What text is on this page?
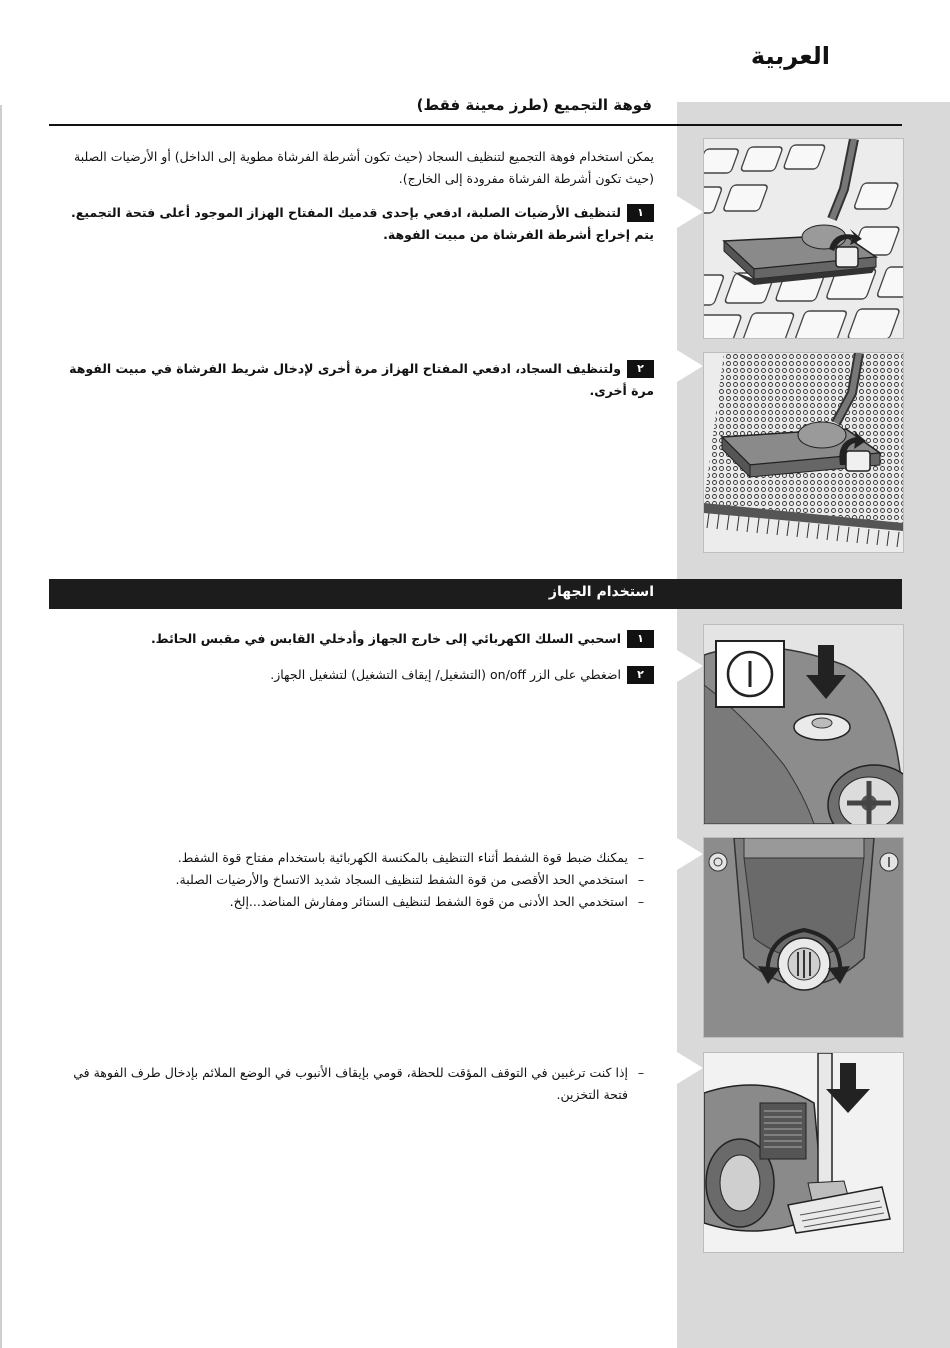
العربية
فوهة التجميع (طرز معينة فقط)

يمكن استخدام فوهة التجميع لتنظيف السجاد (حيث تكون أشرطة الفرشاة مطوية إلى الداخل) أو الأرضيات الصلبة (حيث تكون أشرطة الفرشاة مفرودة إلى الخارج).

١
لتنظيف الأرضيات الصلبة، ادفعي بإحدى قدميك المفتاح الهزاز الموجود أعلى فتحة التجميع. يتم إخراج أشرطة الفرشاة من مبيت الفوهة.
٢
ولتنظيف السجاد، ادفعي المفتاح الهزاز مرة أخرى لإدخال شريط الفرشاة في مبيت الفوهة مرة أخرى.
استخدام الجهاز
١
اسحبي السلك الكهربائي إلى خارج الجهاز وأدخلي القابس في مقبس الحائط.
٢
اضغطي على الزر on/off (التشغيل/ إيقاف التشغيل) لتشغيل الجهاز.
–
يمكنك ضبط قوة الشفط أثناء التنظيف بالمكنسة الكهربائية باستخدام مفتاح قوة الشفط.
–
استخدمي الحد الأقصى من قوة الشفط لتنظيف السجاد شديد الاتساخ والأرضيات الصلبة.
–
استخدمي الحد الأدنى من قوة الشفط لتنظيف الستائر ومفارش المناضد...إلخ.
–
إذا كنت ترغبين في التوقف المؤقت للحظة، قومي بإيقاف الأنبوب في الوضع الملائم بإدخال طرف الفوهة في فتحة التخزين.
